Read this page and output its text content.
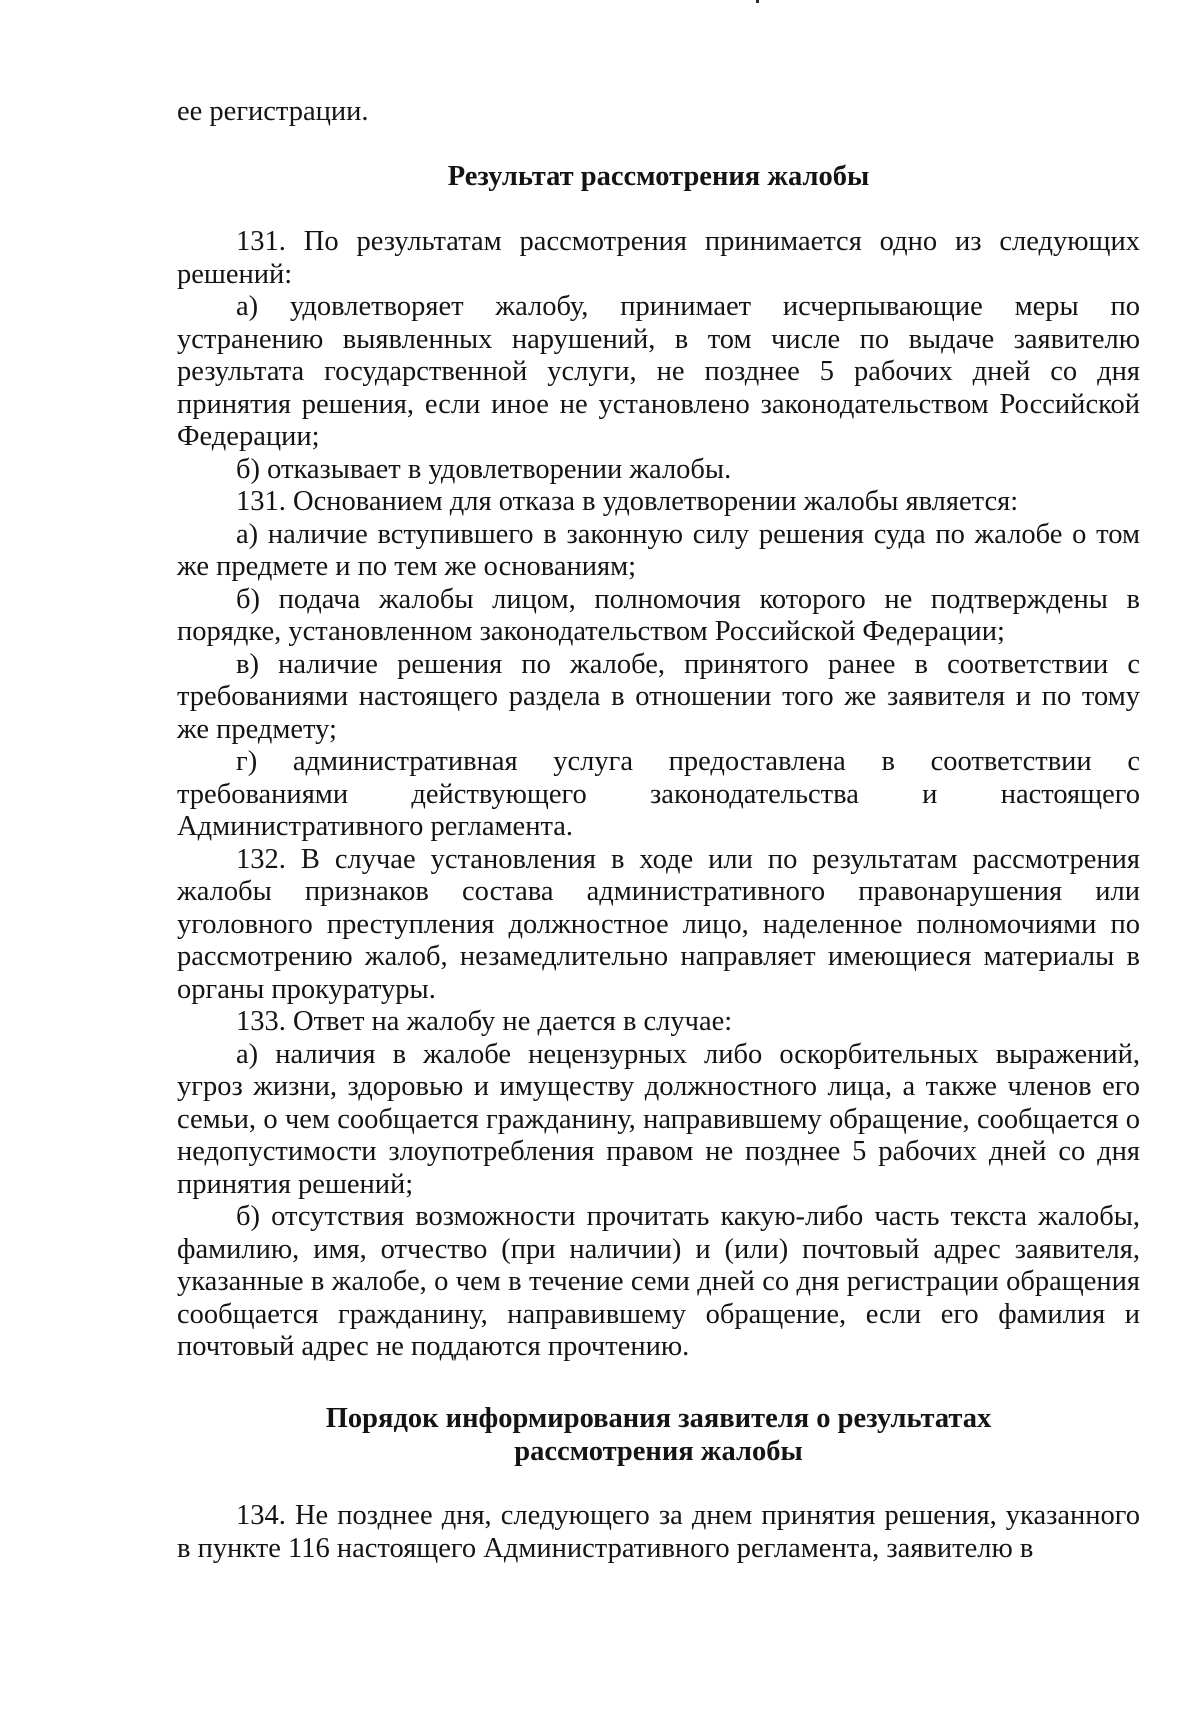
ее регистрации.

Результат рассмотрения жалобы

131. По результатам рассмотрения принимается одно из следующих решений:

а) удовлетворяет жалобу, принимает исчерпывающие меры по устранению выявленных нарушений, в том числе по выдаче заявителю результата государственной услуги, не позднее 5 рабочих дней со дня принятия решения, если иное не установлено законодательством Российской Федерации;

б) отказывает в удовлетворении жалобы.

131. Основанием для отказа в удовлетворении жалобы является:

а) наличие вступившего в законную силу решения суда по жалобе о том же предмете и по тем же основаниям;

б) подача жалобы лицом, полномочия которого не подтверждены в порядке, установленном законодательством Российской Федерации;

в) наличие решения по жалобе, принятого ранее в соответствии с требованиями настоящего раздела в отношении того же заявителя и по тому же предмету;

г) административная услуга предоставлена в соответствии с требованиями действующего законодательства и настоящего Административного регламента.

132. В случае установления в ходе или по результатам рассмотрения жалобы признаков состава административного правонарушения или уголовного преступления должностное лицо, наделенное полномочиями по рассмотрению жалоб, незамедлительно направляет имеющиеся материалы в органы прокуратуры.

133. Ответ на жалобу не дается в случае:

а) наличия в жалобе нецензурных либо оскорбительных выражений, угроз жизни, здоровью и имуществу должностного лица, а также членов его семьи, о чем сообщается гражданину, направившему обращение, сообщается о недопустимости злоупотребления правом не позднее 5 рабочих дней со дня принятия решений;

б) отсутствия возможности прочитать какую-либо часть текста жалобы, фамилию, имя, отчество (при наличии) и (или) почтовый адрес заявителя, указанные в жалобе, о чем в течение семи дней со дня регистрации обращения сообщается гражданину, направившему обращение, если его фамилия и почтовый адрес не поддаются прочтению.

Порядок информирования заявителя о результатах
рассмотрения жалобы

134. Не позднее дня, следующего за днем принятия решения, указанного в пункте 116 настоящего Административного регламента, заявителю в
